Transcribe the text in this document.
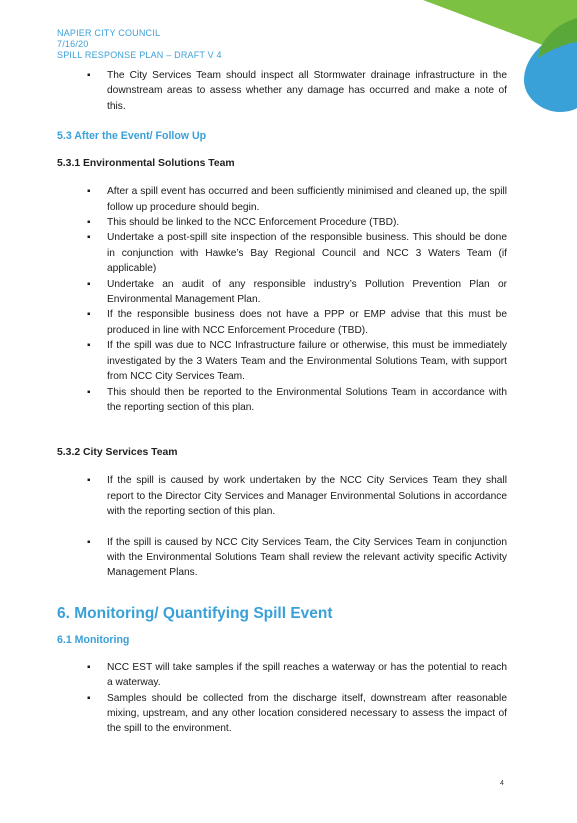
NAPIER CITY COUNCIL
7/16/20
SPILL RESPONSE PLAN – DRAFT V 4
▪ The City Services Team should inspect all Stormwater drainage infrastructure in the downstream areas to assess whether any damage has occurred and make a note of this.
5.3 After the Event/ Follow Up
5.3.1 Environmental Solutions Team
▪ After a spill event has occurred and been sufficiently minimised and cleaned up, the spill follow up procedure should begin.
▪ This should be linked to the NCC Enforcement Procedure (TBD).
▪ Undertake a post-spill site inspection of the responsible business. This should be done in conjunction with Hawke’s Bay Regional Council and NCC 3 Waters Team (if applicable)
▪ Undertake an audit of any responsible industry’s Pollution Prevention Plan or Environmental Management Plan.
▪ If the responsible business does not have a PPP or EMP advise that this must be produced in line with NCC Enforcement Procedure (TBD).
▪ If the spill was due to NCC Infrastructure failure or otherwise, this must be immediately investigated by the 3 Waters Team and the Environmental Solutions Team, with support from NCC City Services Team.
▪ This should then be reported to the Environmental Solutions Team in accordance with the reporting section of this plan.
5.3.2 City Services Team
▪ If the spill is caused by work undertaken by the NCC City Services Team they shall report to the Director City Services and Manager Environmental Solutions in accordance with the reporting section of this plan.
▪ If the spill is caused by NCC City Services Team, the City Services Team in conjunction with the Environmental Solutions Team shall review the relevant activity specific Activity Management Plans.
6. Monitoring/ Quantifying Spill Event
6.1 Monitoring
▪ NCC EST will take samples if the spill reaches a waterway or has the potential to reach a waterway.
▪ Samples should be collected from the discharge itself, downstream after reasonable mixing, upstream, and any other location considered necessary to assess the impact of the spill to the environment.
4
